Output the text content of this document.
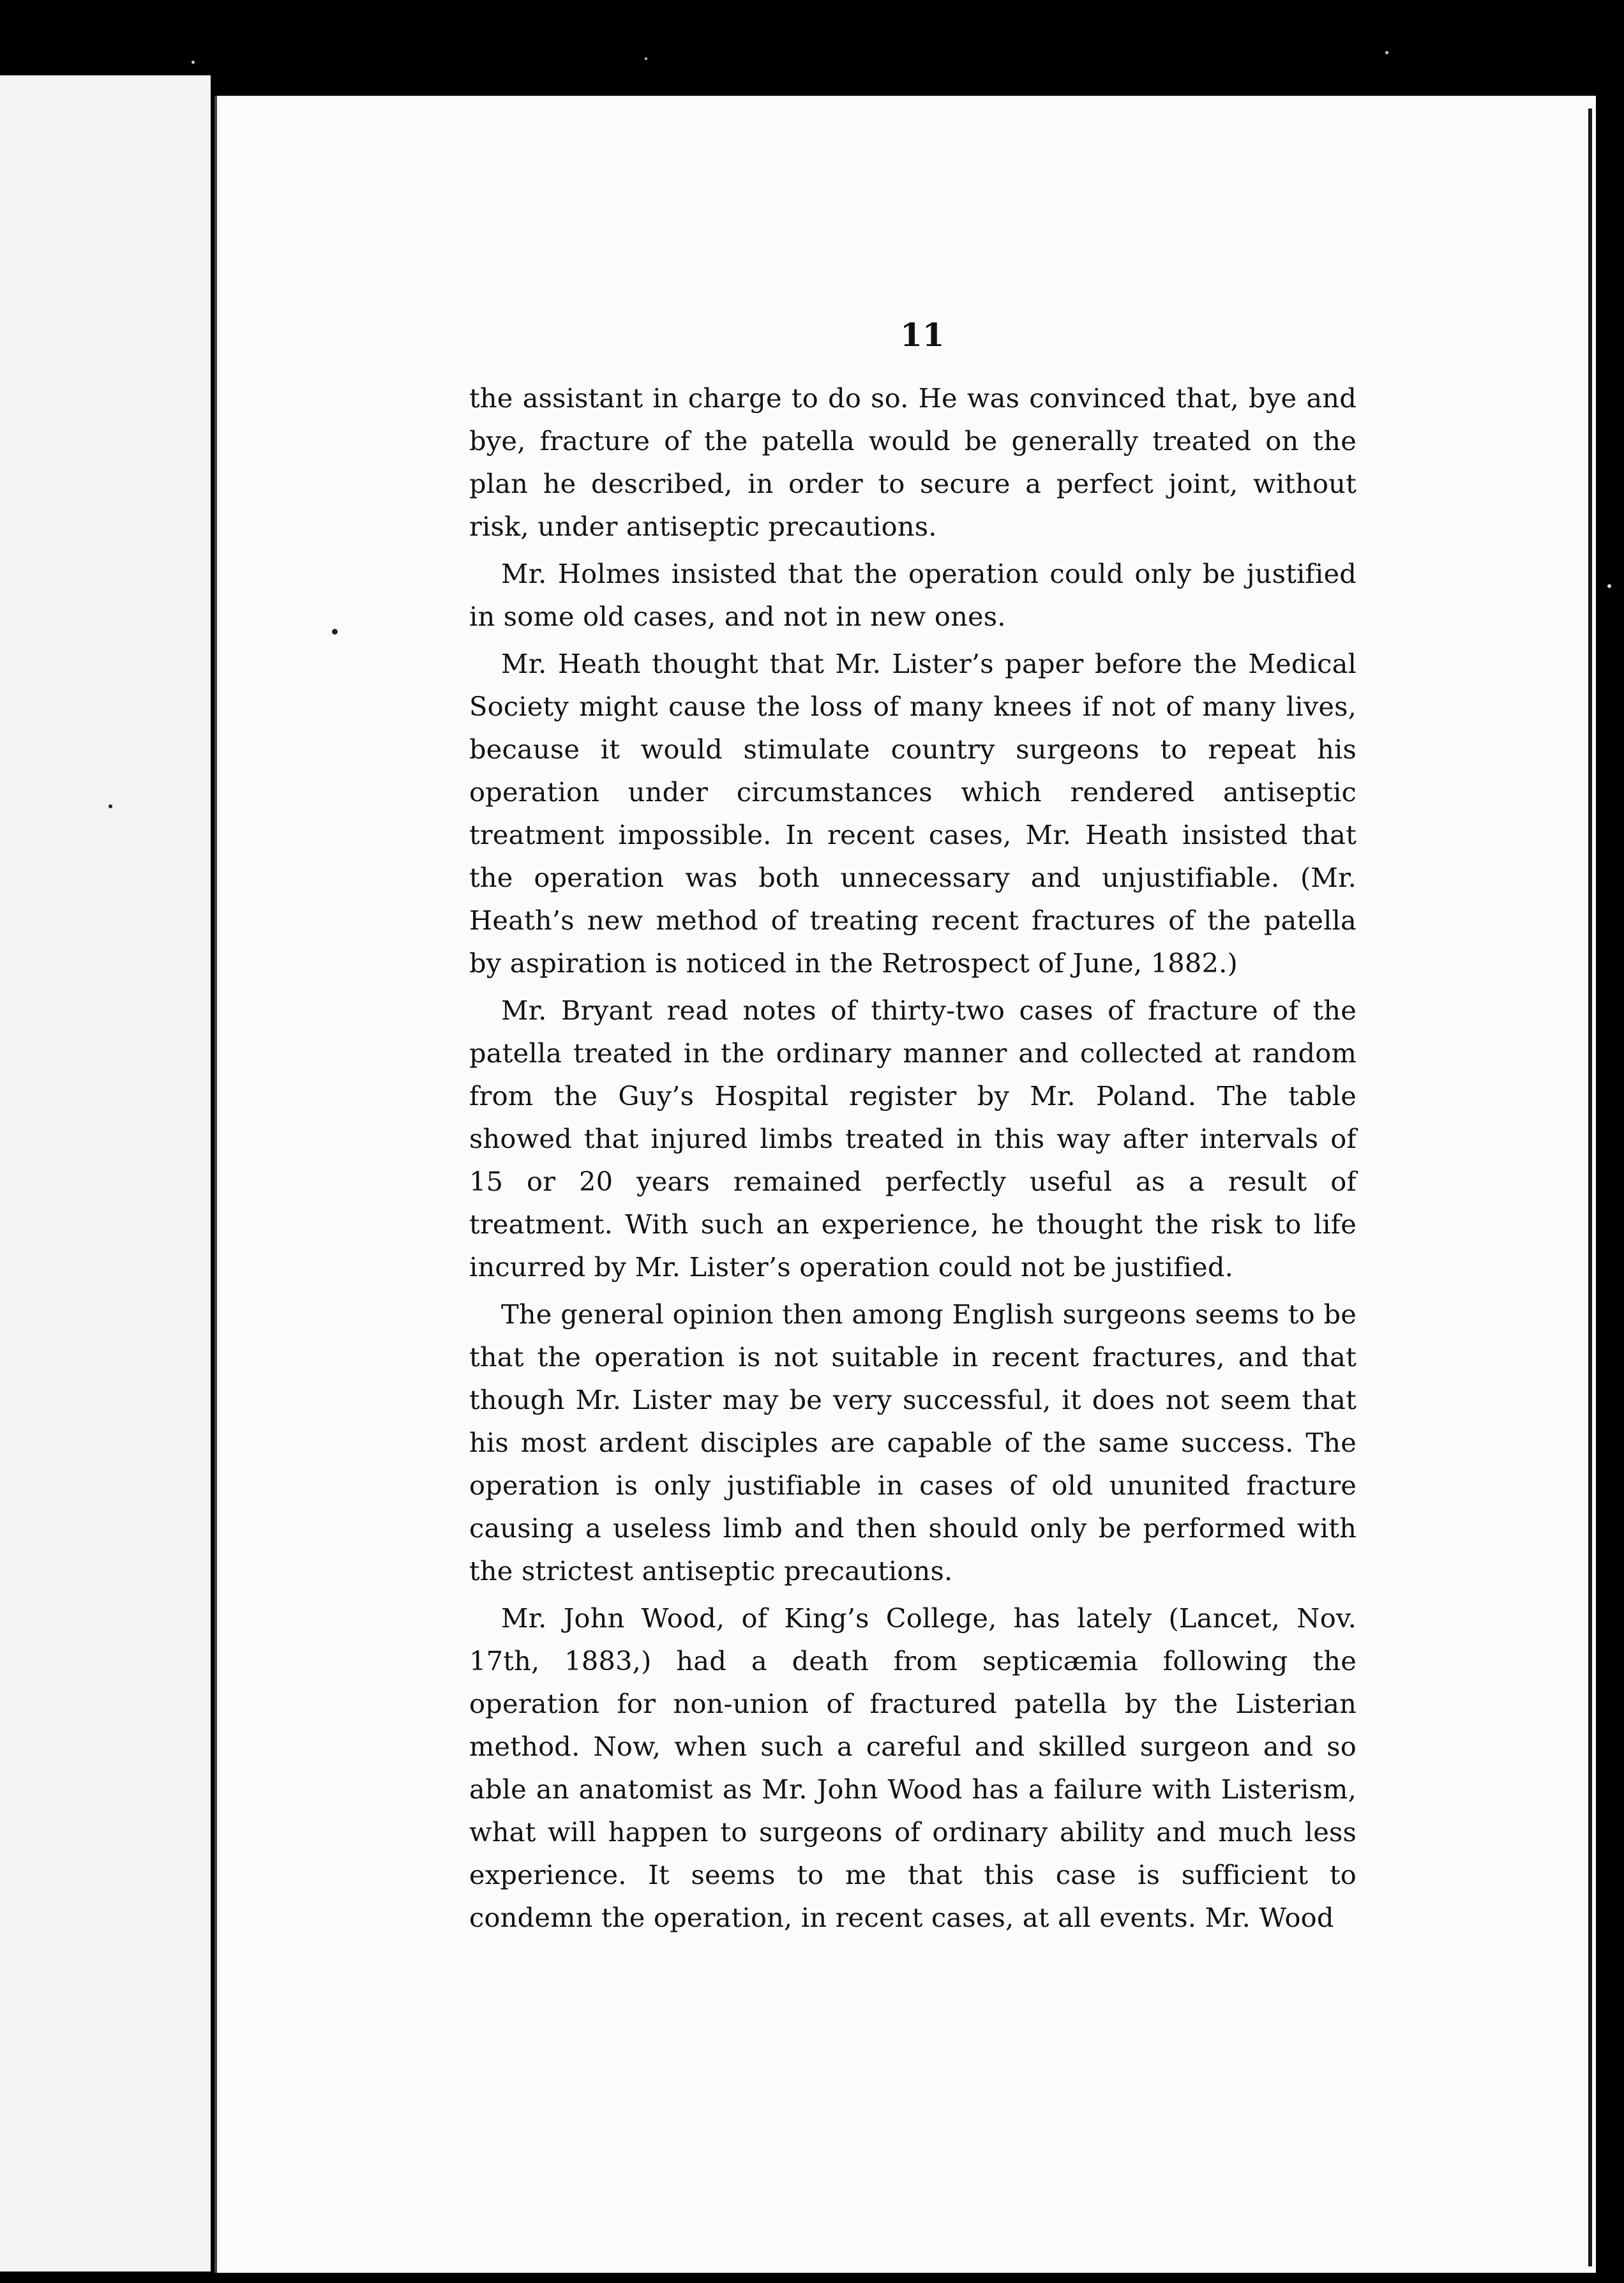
11

the assistant in charge to do so. He was convinced that, bye and bye, fracture of the patella would be generally treated on the plan he described, in order to secure a perfect joint, without risk, under antiseptic precautions.

Mr. Holmes insisted that the operation could only be justified in some old cases, and not in new ones.

Mr. Heath thought that Mr. Lister’s paper before the Medical Society might cause the loss of many knees if not of many lives, because it would stimulate country surgeons to repeat his operation under circumstances which rendered antiseptic treatment impossible. In recent cases, Mr. Heath insisted that the operation was both unnecessary and unjustifiable. (Mr. Heath’s new method of treating recent fractures of the patella by aspiration is noticed in the Retrospect of June, 1882.)

Mr. Bryant read notes of thirty-two cases of fracture of the patella treated in the ordinary manner and collected at random from the Guy’s Hospital register by Mr. Poland. The table showed that injured limbs treated in this way after intervals of 15 or 20 years remained perfectly useful as a result of treatment. With such an experience, he thought the risk to life incurred by Mr. Lister’s operation could not be justified.

The general opinion then among English surgeons seems to be that the operation is not suitable in recent fractures, and that though Mr. Lister may be very successful, it does not seem that his most ardent disciples are capable of the same success. The operation is only justifiable in cases of old ununited fracture causing a useless limb and then should only be performed with the strictest antiseptic precautions.

Mr. John Wood, of King’s College, has lately (Lancet, Nov. 17th, 1883,) had a death from septicæmia following the operation for non-union of fractured patella by the Listerian method. Now, when such a careful and skilled surgeon and so able an anatomist as Mr. John Wood has a failure with Listerism, what will happen to surgeons of ordinary ability and much less experience. It seems to me that this case is sufficient to condemn the operation, in recent cases, at all events. Mr. Wood
